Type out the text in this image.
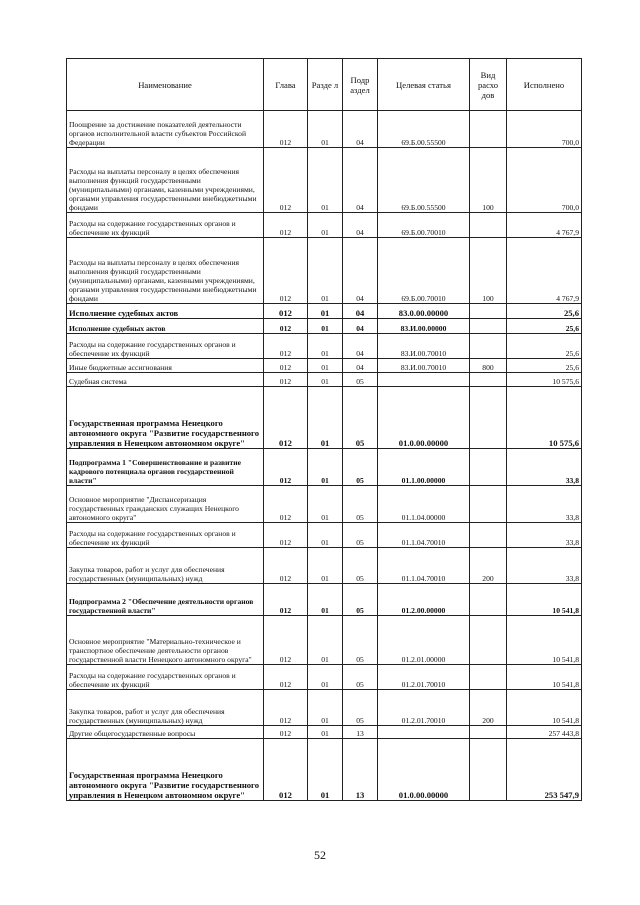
Наименование	Глава	Разде л	Подр аздел	Целевая статья	Вид расхо дов	Исполнено
Поощрение за достижение показателей деятельности органов исполнительной власти субъектов Российской Федерации	012	01	04	69.Б.00.55500		700,0
Расходы на выплаты персоналу в целях обеспечения выполнения функций государственными (муниципальными) органами, казенными учреждениями, органами управления государственными внебюджетными фондами	012	01	04	69.Б.00.55500	100	700,0
Расходы на содержание государственных органов и обеспечение их функций	012	01	04	69.Б.00.70010		4 767,9
Расходы на выплаты персоналу в целях обеспечения выполнения функций государственными (муниципальными) органами, казенными учреждениями, органами управления государственными внебюджетными фондами	012	01	04	69.Б.00.70010	100	4 767,9
Исполнение судебных актов	012	01	04	83.0.00.00000		25,6
Исполнение судебных актов	012	01	04	83.И.00.00000		25,6
Расходы на содержание государственных органов и обеспечение их функций	012	01	04	83.И.00.70010		25,6
Иные бюджетные ассигнования	012	01	04	83.И.00.70010	800	25,6
Судебная система	012	01	05			10 575,6
Государственная программа Ненецкого автономного округа "Развитие государственного управления в Ненецком автономном округе"	012	01	05	01.0.00.00000		10 575,6
Подпрограмма 1 "Совершенствование и развитие кадрового потенциала органов государственной власти"	012	01	05	01.1.00.00000		33,8
Основное мероприятие "Диспансеризация государственных гражданских служащих Ненецкого автономного округа"	012	01	05	01.1.04.00000		33,8
Расходы на содержание государственных органов и обеспечение их функций	012	01	05	01.1.04.70010		33,8
Закупка товаров, работ и услуг для обеспечения государственных (муниципальных) нужд	012	01	05	01.1.04.70010	200	33,8
Подпрограмма 2 "Обеспечение деятельности органов государственной власти"	012	01	05	01.2.00.00000		10 541,8
Основное мероприятие "Материально-техническое и транспортное обеспечение деятельности органов государственной власти Ненецкого автономного округа"	012	01	05	01.2.01.00000		10 541,8
Расходы на содержание государственных органов и обеспечение их функций	012	01	05	01.2.01.70010		10 541,8
Закупка товаров, работ и услуг для обеспечения государственных (муниципальных) нужд	012	01	05	01.2.01.70010	200	10 541,8
Другие общегосударственные вопросы	012	01	13			257 443,8
Государственная программа Ненецкого автономного округа "Развитие государственного управления в Ненецком автономном округе"	012	01	13	01.0.00.00000		253 547,9
52
